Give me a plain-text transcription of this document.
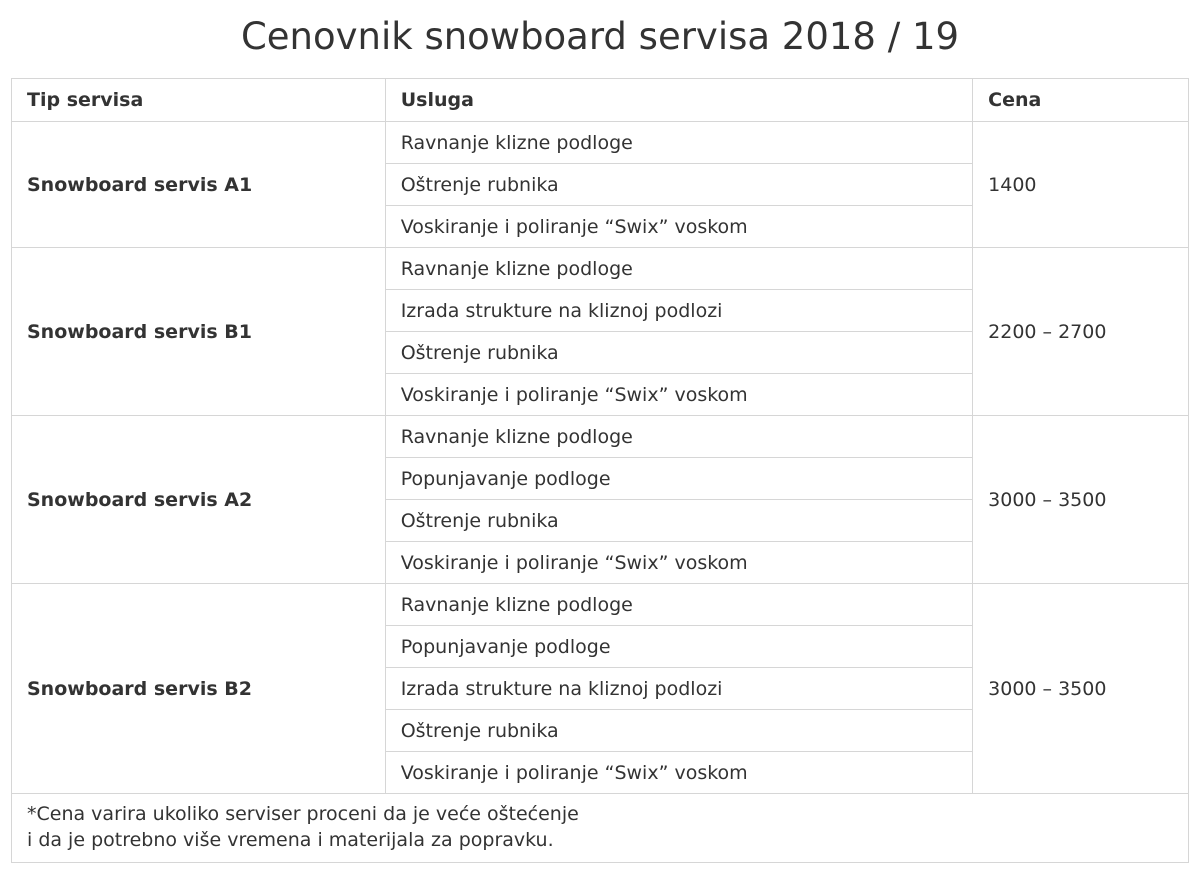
Cenovnik snowboard servisa 2018 / 19
Tip servisa	Usluga	Cena
Snowboard servis A1	Ravnanje klizne podloge	1400
	Oštrenje rubnika	
	Voskiranje i poliranje “Swix” voskom	
Snowboard servis B1	Ravnanje klizne podloge	2200 – 2700
	Izrada strukture na kliznoj podlozi	
	Oštrenje rubnika	
	Voskiranje i poliranje “Swix” voskom	
Snowboard servis A2	Ravnanje klizne podloge	3000 – 3500
	Popunjavanje podloge	
	Oštrenje rubnika	
	Voskiranje i poliranje “Swix” voskom	
Snowboard servis B2	Ravnanje klizne podloge	3000 – 3500
	Popunjavanje podloge	
	Izrada strukture na kliznoj podlozi	
	Oštrenje rubnika	
	Voskiranje i poliranje “Swix” voskom	

*Cena varira ukoliko serviser proceni da je veće oštećenje
i da je potrebno više vremena i materijala za popravku.		
